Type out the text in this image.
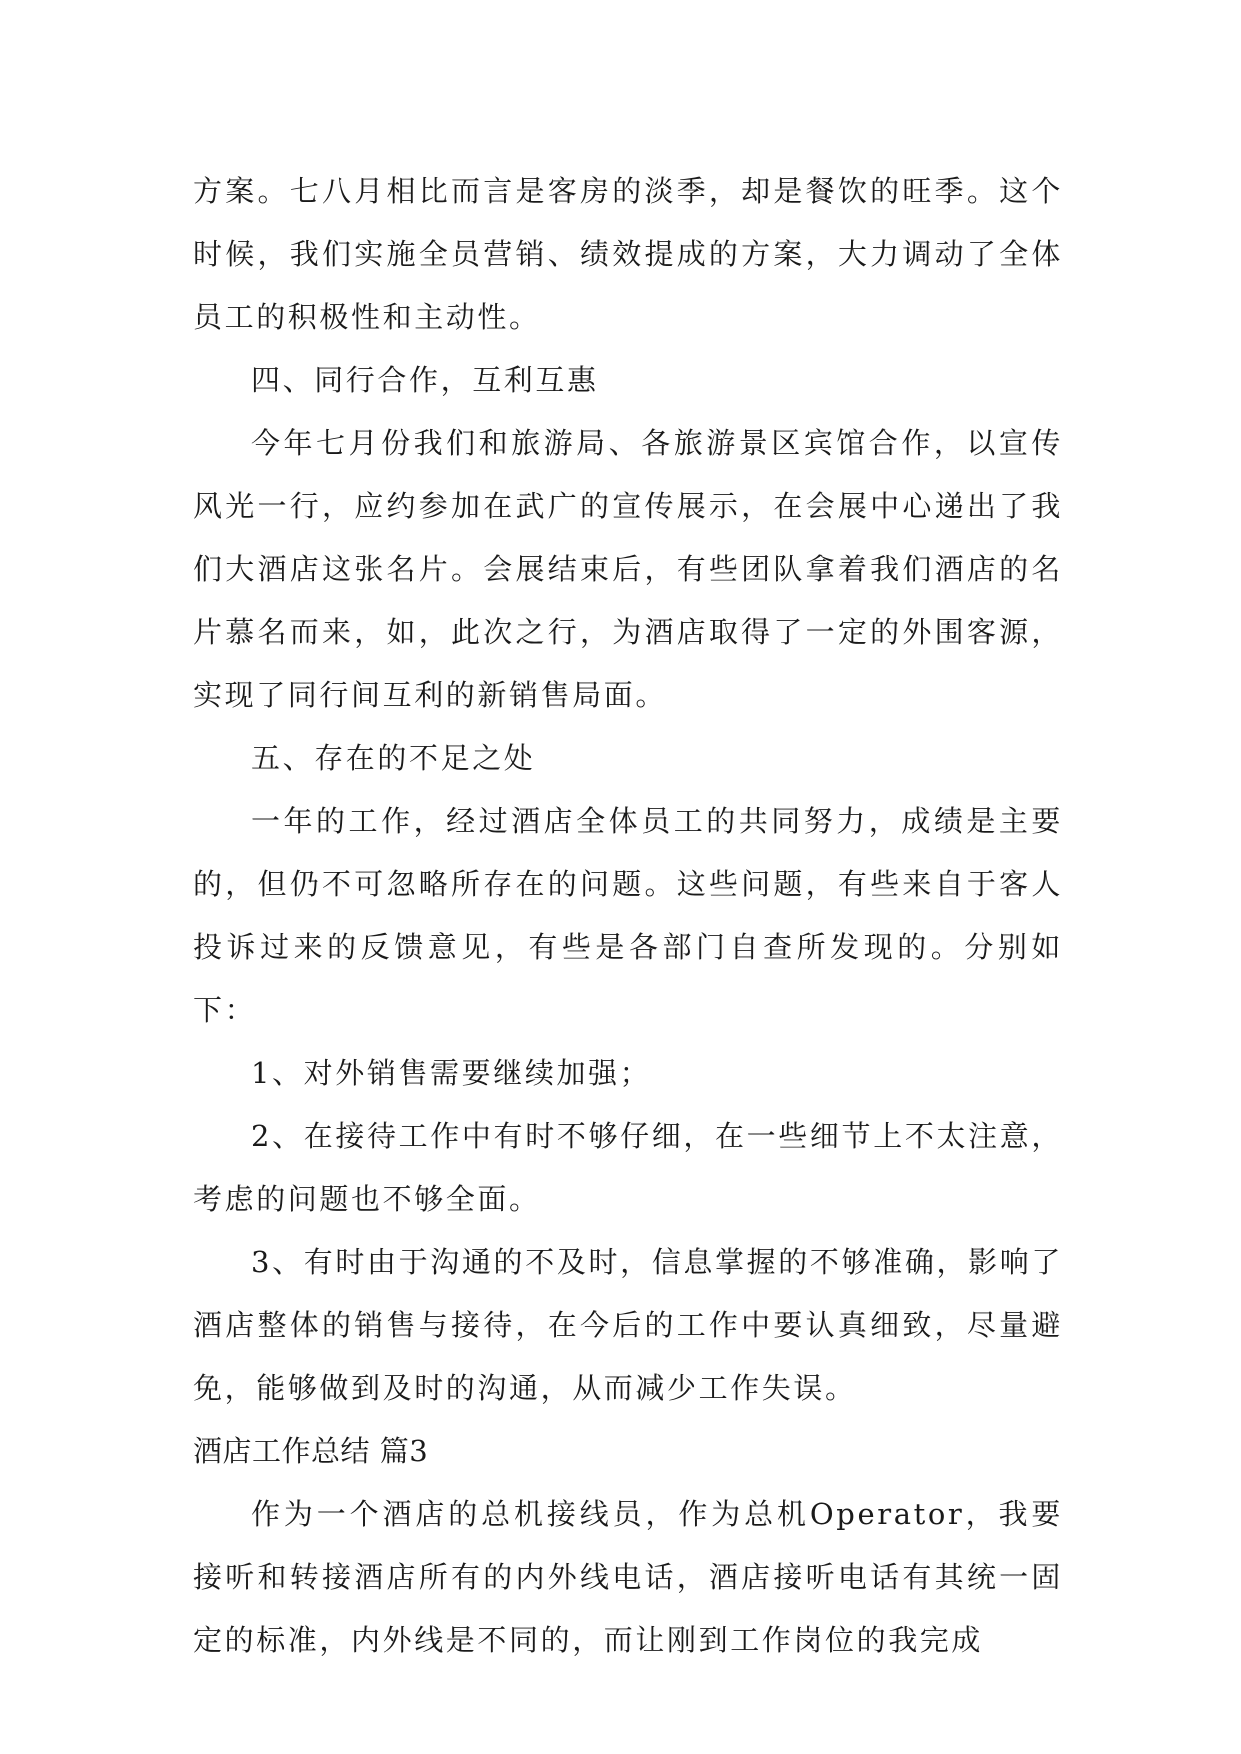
方案。七八月相比而言是客房的淡季，却是餐饮的旺季。这个时候，我们实施全员营销、绩效提成的方案，大力调动了全体员工的积极性和主动性。

四、同行合作，互利互惠

今年七月份我们和旅游局、各旅游景区宾馆合作，以宣传风光一行，应约参加在武广的宣传展示，在会展中心递出了我们大酒店这张名片。会展结束后，有些团队拿着我们酒店的名片慕名而来，如，此次之行，为酒店取得了一定的外围客源，实现了同行间互利的新销售局面。

五、存在的不足之处

一年的工作，经过酒店全体员工的共同努力，成绩是主要的，但仍不可忽略所存在的问题。这些问题，有些来自于客人投诉过来的反馈意见，有些是各部门自查所发现的。分别如下：

1、对外销售需要继续加强；

2、在接待工作中有时不够仔细，在一些细节上不太注意，考虑的问题也不够全面。

3、有时由于沟通的不及时，信息掌握的不够准确，影响了酒店整体的销售与接待，在今后的工作中要认真细致，尽量避免，能够做到及时的沟通，从而减少工作失误。

酒店工作总结 篇3

作为一个酒店的总机接线员，作为总机Operator，我要接听和转接酒店所有的内外线电话，酒店接听电话有其统一固定的标准，内外线是不同的，而让刚到工作岗位的我完成
